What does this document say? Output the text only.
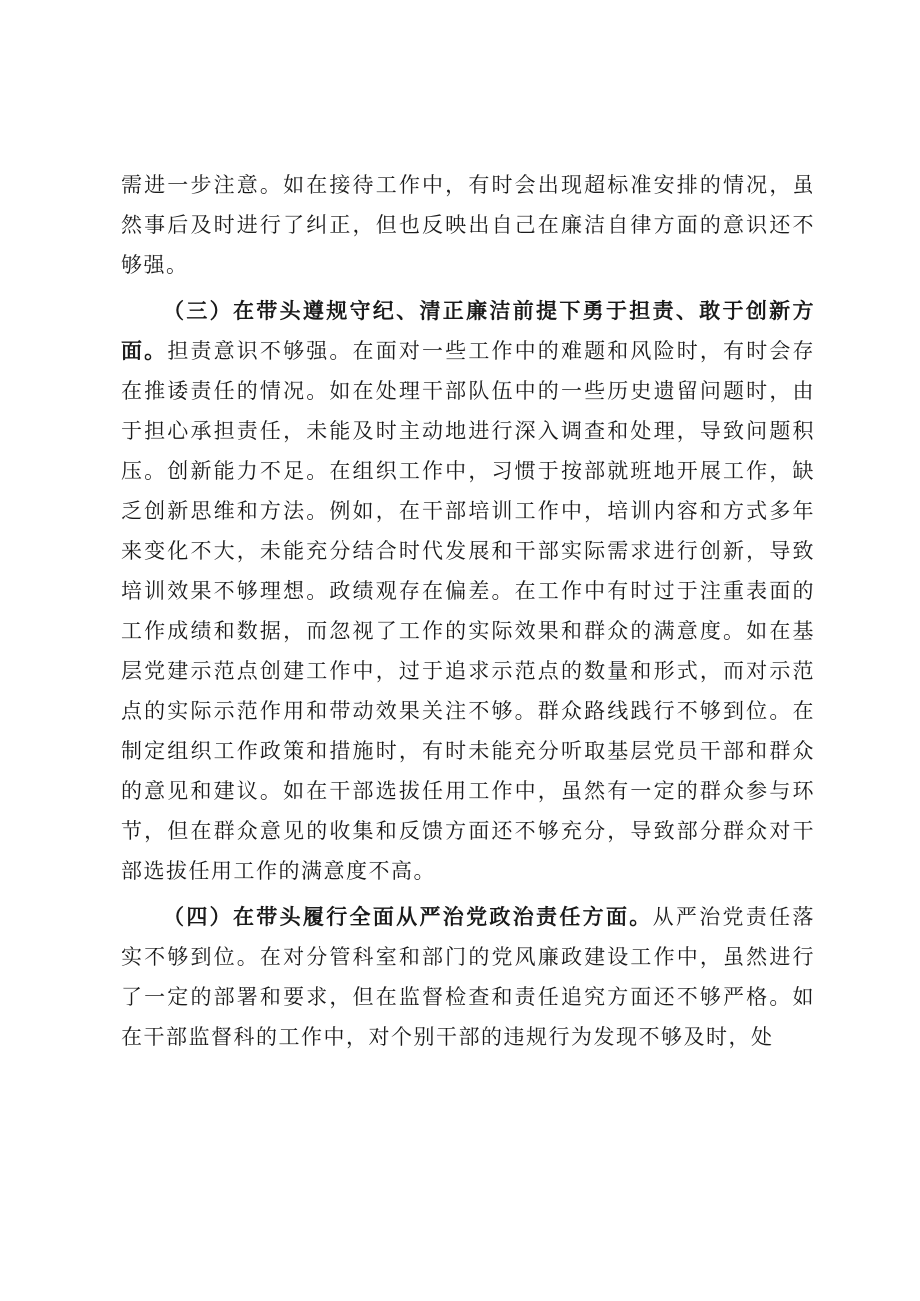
需进一步注意。如在接待工作中，有时会出现超标准安排的情况，虽然事后及时进行了纠正，但也反映出自己在廉洁自律方面的意识还不够强。

（三）在带头遵规守纪、清正廉洁前提下勇于担责、敢于创新方面。担责意识不够强。在面对一些工作中的难题和风险时，有时会存在推诿责任的情况。如在处理干部队伍中的一些历史遗留问题时，由于担心承担责任，未能及时主动地进行深入调查和处理，导致问题积压。创新能力不足。在组织工作中，习惯于按部就班地开展工作，缺乏创新思维和方法。例如，在干部培训工作中，培训内容和方式多年来变化不大，未能充分结合时代发展和干部实际需求进行创新，导致培训效果不够理想。政绩观存在偏差。在工作中有时过于注重表面的工作成绩和数据，而忽视了工作的实际效果和群众的满意度。如在基层党建示范点创建工作中，过于追求示范点的数量和形式，而对示范点的实际示范作用和带动效果关注不够。群众路线践行不够到位。在制定组织工作政策和措施时，有时未能充分听取基层党员干部和群众的意见和建议。如在干部选拔任用工作中，虽然有一定的群众参与环节，但在群众意见的收集和反馈方面还不够充分，导致部分群众对干部选拔任用工作的满意度不高。

（四）在带头履行全面从严治党政治责任方面。从严治党责任落实不够到位。在对分管科室和部门的党风廉政建设工作中，虽然进行了一定的部署和要求，但在监督检查和责任追究方面还不够严格。如在干部监督科的工作中，对个别干部的违规行为发现不够及时，处
